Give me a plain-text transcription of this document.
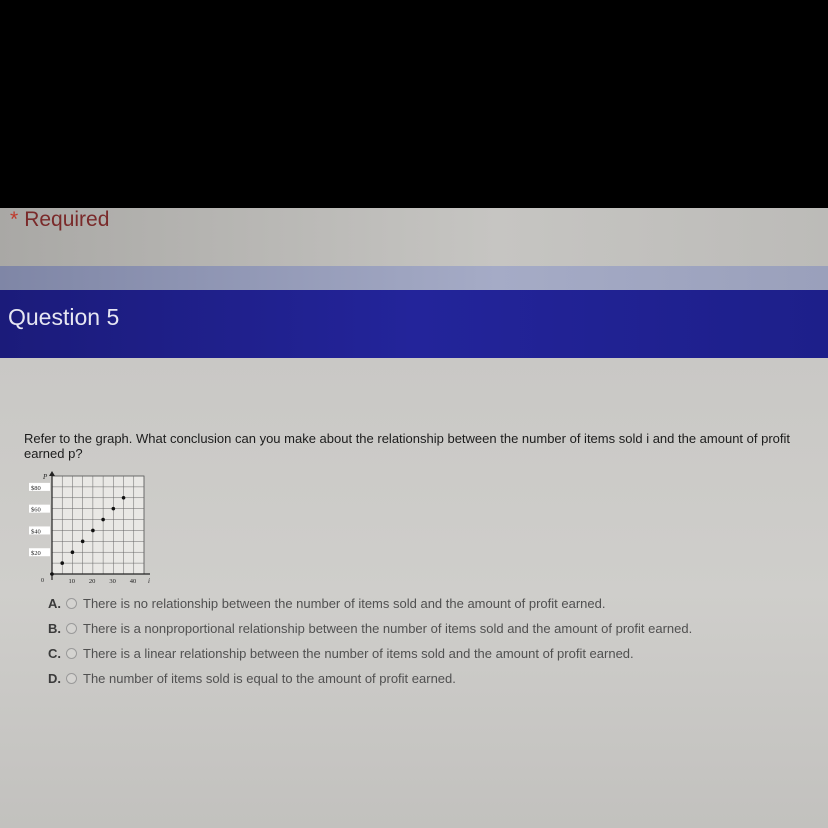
* Required
Question 5
Refer to the graph. What conclusion can you make about the relationship between the number of items sold i and the amount of profit earned p?
P
i
0
$80
$60
$40
$20
10 20 30 40
A. There is no relationship between the number of items sold and the amount of profit earned.
B. There is a nonproportional relationship between the number of items sold and the amount of profit earned.
C. There is a linear relationship between the number of items sold and the amount of profit earned.
D. The number of items sold is equal to the amount of profit earned.
